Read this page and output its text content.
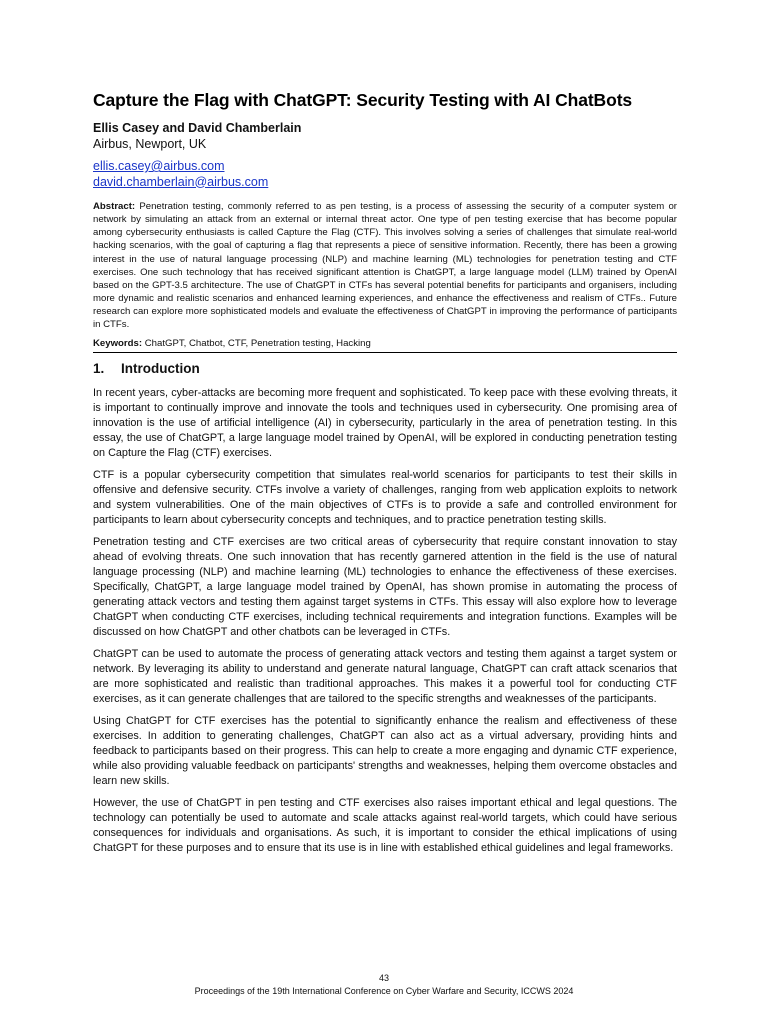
Capture the Flag with ChatGPT: Security Testing with AI ChatBots

Ellis Casey and David Chamberlain

Airbus, Newport, UK

ellis.casey@airbus.com
david.chamberlain@airbus.com

Abstract: Penetration testing, commonly referred to as pen testing, is a process of assessing the security of a computer system or network by simulating an attack from an external or internal threat actor. One type of pen testing exercise that has become popular among cybersecurity enthusiasts is called Capture the Flag (CTF). This involves solving a series of challenges that simulate real-world hacking scenarios, with the goal of capturing a flag that represents a piece of sensitive information. Recently, there has been a growing interest in the use of natural language processing (NLP) and machine learning (ML) technologies for penetration testing and CTF exercises. One such technology that has received significant attention is ChatGPT, a large language model (LLM) trained by OpenAI based on the GPT-3.5 architecture. The use of ChatGPT in CTFs has several potential benefits for participants and organisers, including more dynamic and realistic scenarios and enhanced learning experiences, and enhance the effectiveness and realism of CTFs.. Future research can explore more sophisticated models and evaluate the effectiveness of ChatGPT in improving the performance of participants in CTFs.

Keywords: ChatGPT, Chatbot, CTF, Penetration testing, Hacking

1.	Introduction

In recent years, cyber-attacks are becoming more frequent and sophisticated. To keep pace with these evolving threats, it is important to continually improve and innovate the tools and techniques used in cybersecurity. One promising area of innovation is the use of artificial intelligence (AI) in cybersecurity, particularly in the area of penetration testing. In this essay, the use of ChatGPT, a large language model trained by OpenAI, will be explored in conducting penetration testing on Capture the Flag (CTF) exercises.

CTF is a popular cybersecurity competition that simulates real-world scenarios for participants to test their skills in offensive and defensive security. CTFs involve a variety of challenges, ranging from web application exploits to network and system vulnerabilities. One of the main objectives of CTFs is to provide a safe and controlled environment for participants to learn about cybersecurity concepts and techniques, and to practice penetration testing skills.

Penetration testing and CTF exercises are two critical areas of cybersecurity that require constant innovation to stay ahead of evolving threats. One such innovation that has recently garnered attention in the field is the use of natural language processing (NLP) and machine learning (ML) technologies to enhance the effectiveness of these exercises. Specifically, ChatGPT, a large language model trained by OpenAI, has shown promise in automating the process of generating attack vectors and testing them against target systems in CTFs. This essay will also explore how to leverage ChatGPT when conducting CTF exercises, including technical requirements and integration functions. Examples will be discussed on how ChatGPT and other chatbots can be leveraged in CTFs.

ChatGPT can be used to automate the process of generating attack vectors and testing them against a target system or network. By leveraging its ability to understand and generate natural language, ChatGPT can craft attack scenarios that are more sophisticated and realistic than traditional approaches. This makes it a powerful tool for conducting CTF exercises, as it can generate challenges that are tailored to the specific strengths and weaknesses of the participants.

Using ChatGPT for CTF exercises has the potential to significantly enhance the realism and effectiveness of these exercises. In addition to generating challenges, ChatGPT can also act as a virtual adversary, providing hints and feedback to participants based on their progress. This can help to create a more engaging and dynamic CTF experience, while also providing valuable feedback on participants' strengths and weaknesses, helping them overcome obstacles and learn new skills.

However, the use of ChatGPT in pen testing and CTF exercises also raises important ethical and legal questions. The technology can potentially be used to automate and scale attacks against real-world targets, which could have serious consequences for individuals and organisations. As such, it is important to consider the ethical implications of using ChatGPT for these purposes and to ensure that its use is in line with established ethical guidelines and legal frameworks.

43
Proceedings of the 19th International Conference on Cyber Warfare and Security, ICCWS 2024
